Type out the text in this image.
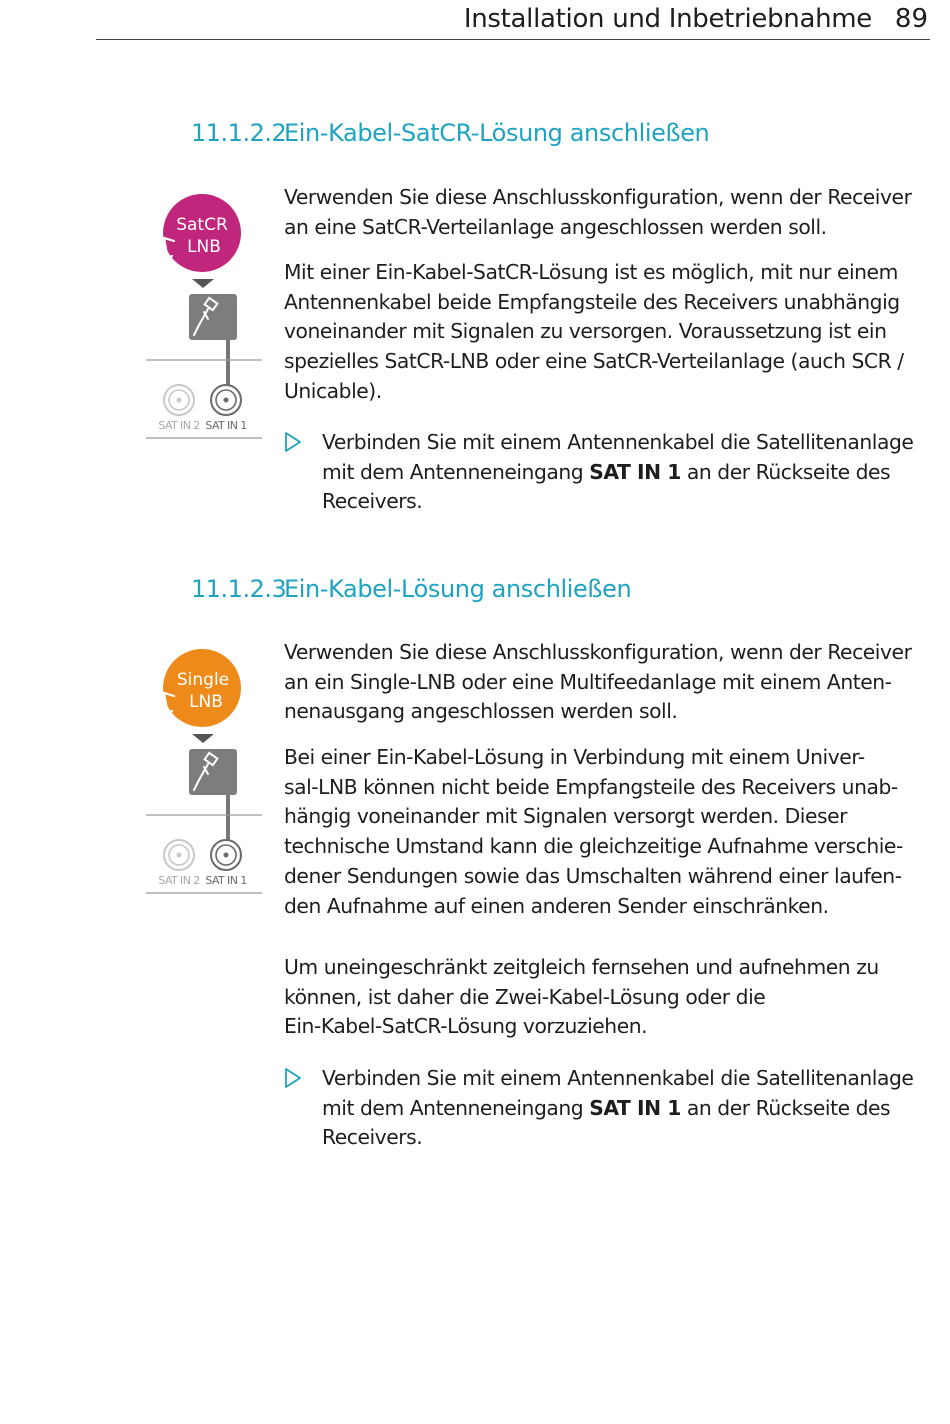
Installation und Inbetriebnahme 89
11.1.2.2
Ein-Kabel-SatCR-Lösung anschließen
SatCR
LNB
SAT IN 2 SAT IN 1

Verwenden Sie diese Anschlusskonfiguration, wenn der Receiver
an eine SatCR-Verteilanlage angeschlossen werden soll.

Mit einer Ein-Kabel-SatCR-Lösung ist es möglich, mit nur einem
Antennenkabel beide Empfangsteile des Receivers unabhängig
voneinander mit Signalen zu versorgen. Voraussetzung ist ein
spezielles SatCR-LNB oder eine SatCR-Verteilanlage (auch SCR /
Unicable).

Verbinden Sie mit einem Antennenkabel die Satellitenanlage
mit dem Antenneneingang SAT IN 1 an der Rückseite des
Receivers.

11.1.2.3
Ein-Kabel-Lösung anschließen
Single
LNB
SAT IN 2 SAT IN 1

Verwenden Sie diese Anschlusskonfiguration, wenn der Receiver
an ein Single-LNB oder eine Multifeedanlage mit einem Anten-
nenausgang angeschlossen werden soll.

Bei einer Ein-Kabel-Lösung in Verbindung mit einem Univer-
sal-LNB können nicht beide Empfangsteile des Receivers unab-
hängig voneinander mit Signalen versorgt werden. Dieser
technische Umstand kann die gleichzeitige Aufnahme verschie-
dener Sendungen sowie das Umschalten während einer laufen-
den Aufnahme auf einen anderen Sender einschränken.

Um uneingeschränkt zeitgleich fernsehen und aufnehmen zu
können, ist daher die Zwei-Kabel-Lösung oder die
Ein-Kabel-SatCR-Lösung vorzuziehen.

Verbinden Sie mit einem Antennenkabel die Satellitenanlage
mit dem Antenneneingang SAT IN 1 an der Rückseite des
Receivers.
